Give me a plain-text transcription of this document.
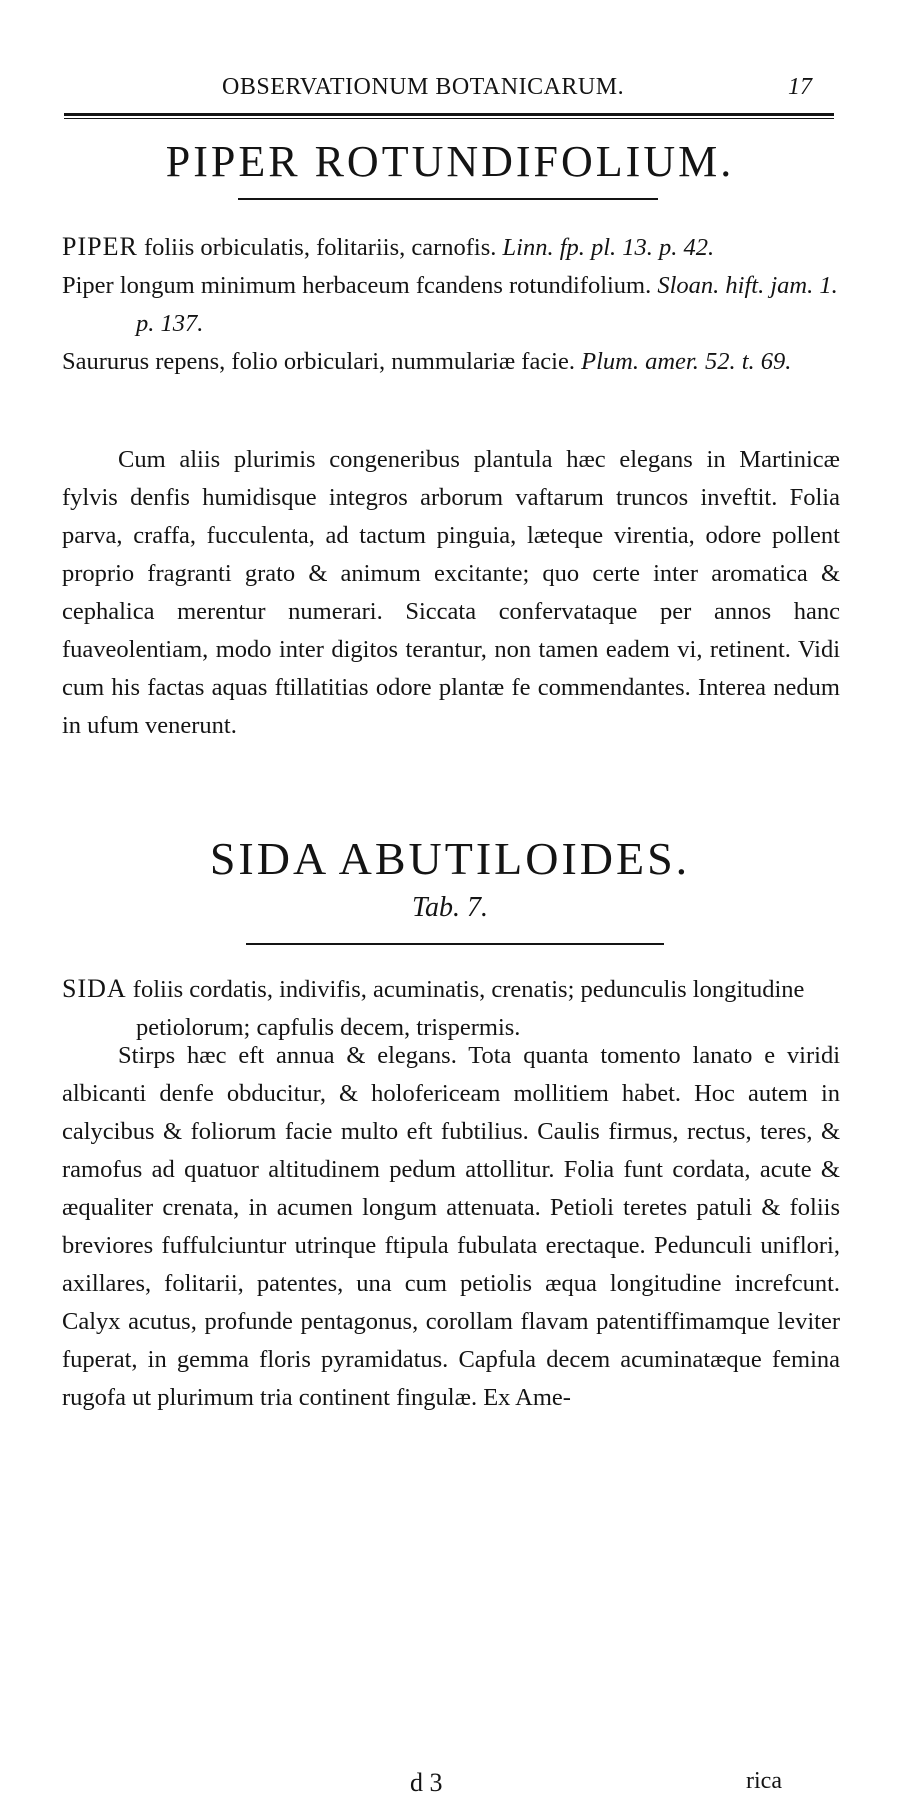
OBSERVATIONUM BOTANICARUM.	17
PIPER ROTUNDIFOLIUM.

PIPER foliis orbiculatis, folitariis, carnofis. Linn. fp. pl. 13. p. 42.

Piper longum minimum herbaceum fcandens rotundifolium. Sloan. hift. jam. 1. p. 137.

Saururus repens, folio orbiculari, nummulariæ facie. Plum. amer. 52. t. 69.

Cum aliis plurimis congeneribus plantula hæc elegans in Martinicæ fylvis denfis humidisque integros arborum vaftarum truncos inveftit. Folia parva, craffa, fucculenta, ad tactum pinguia, læteque virentia, odore pollent proprio fragranti grato & animum excitante; quo certe inter aromatica & cephalica merentur numerari. Siccata confervataque per annos hanc fuaveolentiam, modo inter digitos terantur, non tamen eadem vi, retinent. Vidi cum his factas aquas ftillatitias odore plantæ fe commendantes. Interea nedum in ufum venerunt.

SIDA ABUTILOIDES.
Tab. 7.

SIDA foliis cordatis, indivifis, acuminatis, crenatis; pedunculis longitudine petiolorum; capfulis decem, trispermis.

Stirps hæc eft annua & elegans. Tota quanta tomento lanato e viridi albicanti denfe obducitur, & holofericeam mollitiem habet. Hoc autem in calycibus & foliorum facie multo eft fubtilius. Caulis firmus, rectus, teres, & ramofus ad quatuor altitudinem pedum attollitur. Folia funt cordata, acute & æqualiter crenata, in acumen longum attenuata. Petioli teretes patuli & foliis breviores fuffulciuntur utrinque ftipula fubulata erectaque. Pedunculi uniflori, axillares, folitarii, patentes, una cum petiolis æqua longitudine increfcunt. Calyx acutus, profunde pentagonus, corollam flavam patentiffimamque leviter fuperat, in gemma floris pyramidatus. Capfula decem acuminatæque femina rugofa ut plurimum tria continent fingulæ. Ex Ame-

d 3	rica
